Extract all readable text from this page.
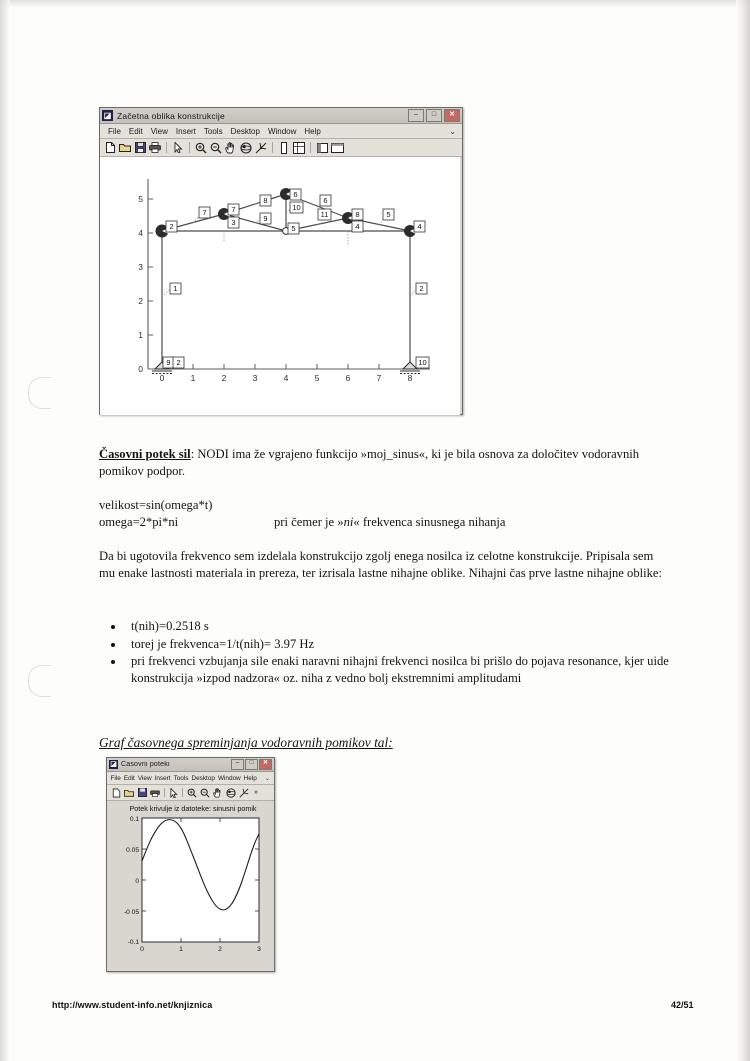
◪ Začetna oblika konstrukcije	–	□	✕
File	Edit	View	Insert	Tools	Desktop	Window	Help	⌄
0
1
2
3
4
5
0	1	2	3	4	5	6	7	8
2
7	7
3
8
9
6
10
5
6
11	8
4
5
4
1	2
9 2	10
Časovni potek sil: NODI ima že vgrajeno funkcijo »moj_sinus«, ki je bila osnova za določitev vodoravnih pomikov podpor.
velikost=sin(omega*t)
omega=2*pi*ni	pri čemer je »ni« frekvenca sinusnega nihanja
Da bi ugotovila frekvenco sem izdelala konstrukcijo zgolj enega nosilca iz celotne konstrukcije. Pripisala sem mu enake lastnosti materiala in prereza, ter izrisala lastne nihajne oblike. Nihajni čas prve lastne nihajne oblike:
• t(nih)=0.2518 s
• torej je frekvenca=1/t(nih)= 3.97 Hz
• pri frekvenci vzbujanja sile enaki naravni nihajni frekvenci nosilca bi prišlo do pojava resonance, kjer uide konstrukcija »izpod nadzora« oz. niha z vedno bolj ekstremnimi amplitudami
Graf časovnega spreminjanja vodoravnih pomikov tal:
◪ Časovni poteki	–	□	✕
File Edit View Insert Tools Desktop Window Help	⌄
»
Potek krivulje iz datoteke: sinusni pomik
0.1
0.05
0
-0 05
-0.1
0	1	2	3
http://www.student-info.net/knjiznica	42/51
